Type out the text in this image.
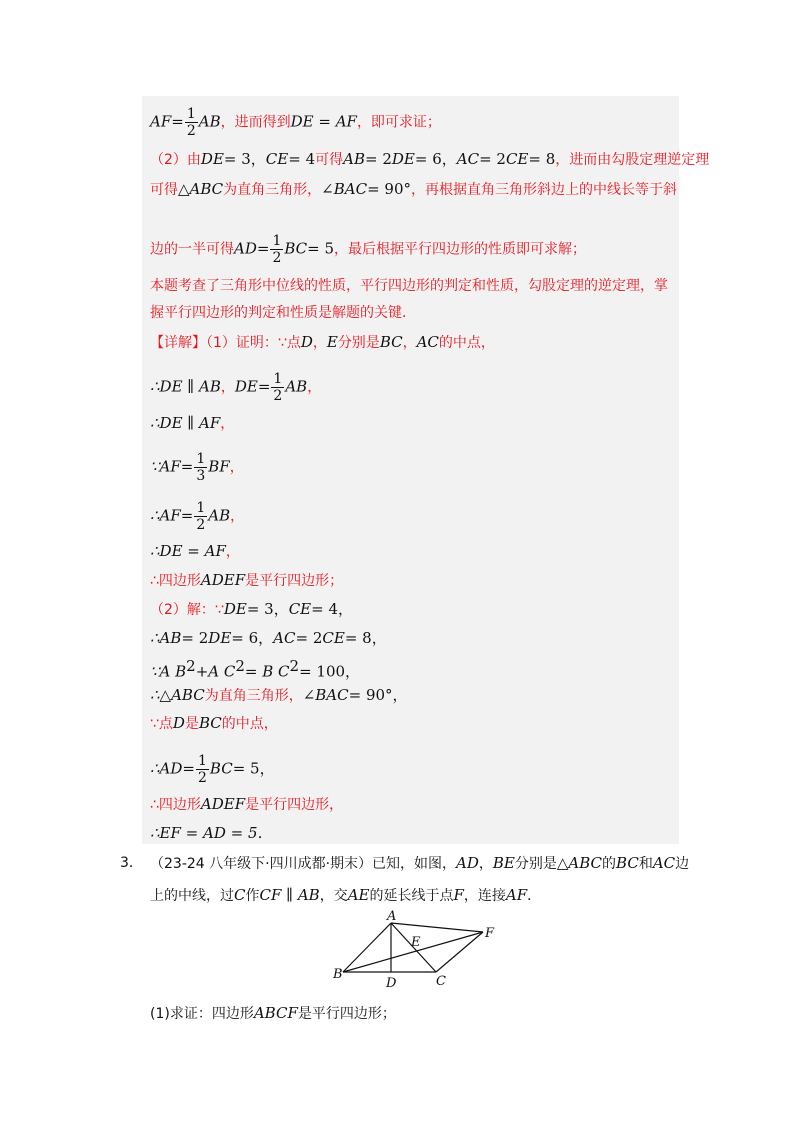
$AF= \frac{1}{2}$ AB，进而得到DE = AF，即可求证；
（2）由DE= 3，CE= 4可得AB= 2DE= 6，AC= 2CE= 8，进而由勾股定理逆定理
可得△ABC为直角三角形，∠BAC= 90°，再根据直角三角形斜边上的中线长等于斜
边的一半可得$AD= \frac{1}{2} BC= 5$，最后根据平行四边形的性质即可求解；
本题考查了三角形中位线的性质，平行四边形的判定和性质，勾股定理的逆定理，掌
握平行四边形的判定和性质是解题的关键．
【详解】（1）证明：∵点D，E分别是BC，AC的中点，
∴DE ∥ AB，$DE= \frac{1}{2}$ AB，
∴DE ∥ AF，
∵AF= $\frac{1}{3}$ BF，
∴AF= $\frac{1}{2}$ AB，
∴DE = AF，
∴四边形ADEF是平行四边形；
（2）解：∵DE= 3，CE= 4，
∴AB= 2DE= 6，AC= 2CE= 8，
∵A $B^2+A$ $C^2= B$ $C^2= 100$，
∴△ABC为直角三角形，∠BAC= 90°，
∵点D是BC的中点，
∴AD= $\frac{1}{2} BC= 5$，
∴四边形ADEF是平行四边形，
∴EF = AD = 5．
3． （23-24 八年级下·四川成都·期末）已知，如图，AD，BE分别是△ABC的BC和AC边
上的中线，过C作CF ∥ AB，交AE的延长线于点F，连接AF．
A
B	C
D
E
F
(1)求证：四边形ABCF是平行四边形；
